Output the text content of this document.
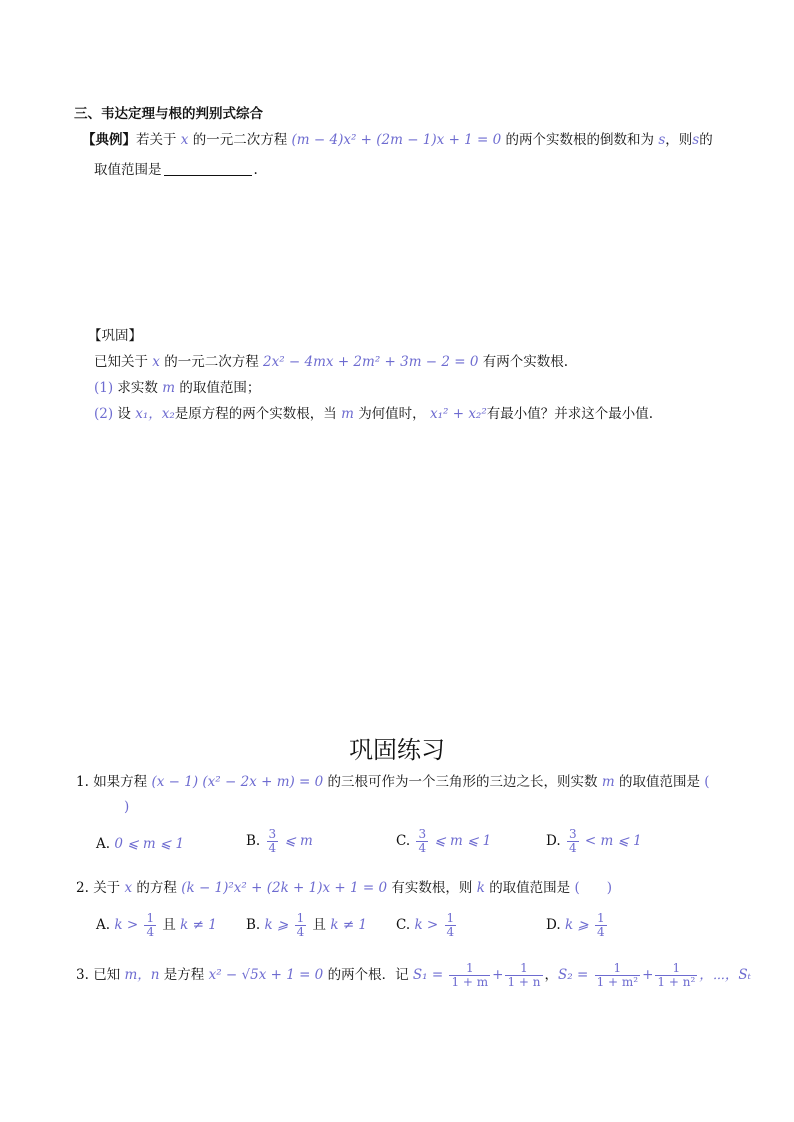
三、韦达定理与根的判别式综合
【典例】若关于 x 的一元二次方程 (m − 4)x² + (2m − 1)x + 1 = 0 的两个实数根的倒数和为 s，则s的
取值范围是	.
【巩固】
已知关于 x 的一元二次方程 2x² − 4mx + 2m² + 3m − 2 = 0 有两个实数根.
(1) 求实数 m 的取值范围；
(2) 设 x₁，x₂是原方程的两个实数根，当 m 为何值时， x₁² + x₂²有最小值？并求这个最小值.
巩固练习
1. 如果方程 (x − 1) (x² − 2x + m) = 0 的三根可作为一个三角形的三边之长，则实数 m 的取值范围是 (
)
A. 0 ⩽ m ⩽ 1	B. $\frac{3}{4}$ ⩽ m	C. $\frac{3}{4}$ ⩽ m ⩽ 1	D. $\frac{3}{4} < m$ ⩽ 1
2. 关于 x 的方程 (k − 1)²x² + (2k + 1)x + 1 = 0 有实数根，则 k 的取值范围是 (　　)
A. $k > \frac{1}{4}$ 且 k ≠ 1 B. k ⩾ $\frac{1}{4}$ 且 k ≠ 1 C. $k > \frac{1}{4}$	D. k ⩾ $\frac{1}{4}$
3. 已知 m，n 是方程 x² − √5x + 1 = 0 的两个根．记 $S_1 = \frac{1}{1 + m} + \frac{1}{1 + n}$ ，$S_2 = \frac{1}{\text{1 + m²}} + \frac{1}{\text{1 + n²}}$ ，⋯，Sₜ
